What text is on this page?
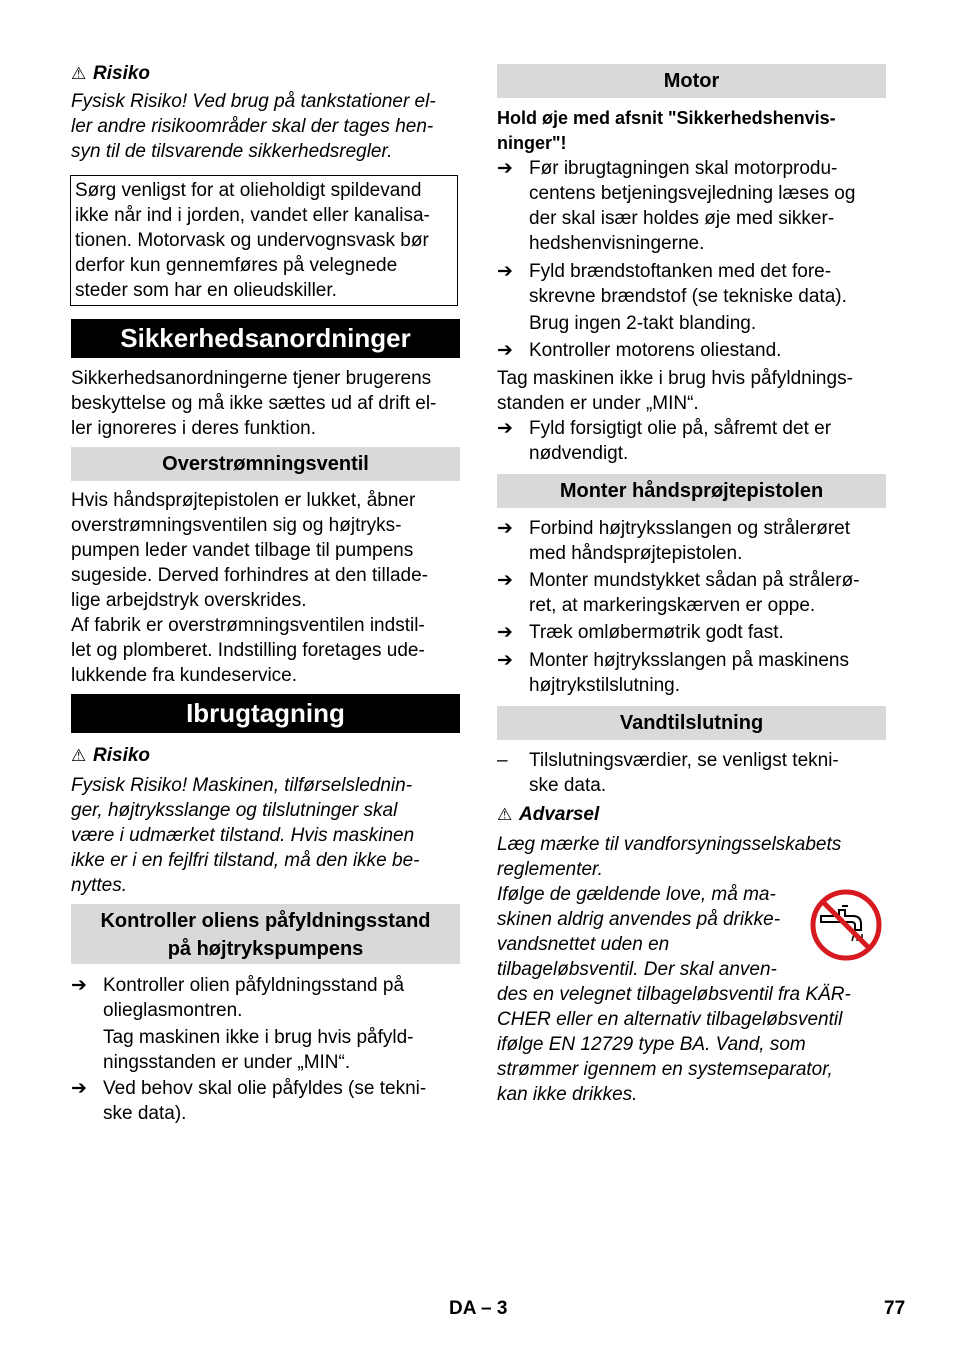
⚠ Risiko
Fysisk Risiko! Ved brug på tankstationer el-
ler andre risikoområder skal der tages hen-
syn til de tilsvarende sikkerhedsregler.
Sørg venligst for at olieholdigt spildevand
ikke når ind i jorden, vandet eller kanalisa-
tionen. Motorvask og undervognsvask bør
derfor kun gennemføres på velegnede
steder som har en olieudskiller.
Sikkerhedsanordninger
Sikkerhedsanordningerne tjener brugerens
beskyttelse og må ikke sættes ud af drift el-
ler ignoreres i deres funktion.
Overstrømningsventil
Hvis håndsprøjtepistolen er lukket, åbner
overstrømningsventilen sig og højtryks-
pumpen leder vandet tilbage til pumpens
sugeside. Derved forhindres at den tillade-
lige arbejdstryk overskrides.
Af fabrik er overstrømningsventilen indstil-
let og plomberet. Indstilling foretages ude-
lukkende fra kundeservice.
Ibrugtagning
⚠ Risiko
Fysisk Risiko! Maskinen, tilførselslednin-
ger, højtryksslange og tilslutninger skal
være i udmærket tilstand. Hvis maskinen
ikke er i en fejlfri tilstand, må den ikke be-
nyttes.
Kontroller oliens påfyldningsstand
på højtrykspumpens
➔ Kontroller olien påfyldningsstand på
olieglasmontren.
Tag maskinen ikke i brug hvis påfyld-
ningsstanden er under „MIN“.
➔ Ved behov skal olie påfyldes (se tekni-
ske data).
Motor
Hold øje med afsnit "Sikkerhedshenvis-
ninger"!
➔ Før ibrugtagningen skal motorprodu-
centens betjeningsvejledning læses og
der skal især holdes øje med sikker-
hedshenvisningerne.
➔ Fyld brændstoftanken med det fore-
skrevne brændstof (se tekniske data).
Brug ingen 2-takt blanding.
➔ Kontroller motorens oliestand.
Tag maskinen ikke i brug hvis påfyldnings-
standen er under „MIN“.
➔ Fyld forsigtigt olie på, såfremt det er
nødvendigt.
Monter håndsprøjtepistolen
➔ Forbind højtryksslangen og strålerøret
med håndsprøjtepistolen.
➔ Monter mundstykket sådan på strålerø-
ret, at markeringskærven er oppe.
➔ Træk omløbermøtrik godt fast.
➔ Monter højtryksslangen på maskinens
højtrykstilslutning.
Vandtilslutning
– Tilslutningsværdier, se venligst tekni-
ske data.
⚠ Advarsel
Læg mærke til vandforsyningsselskabets
reglementer.
Ifølge de gældende love, må ma-
skinen aldrig anvendes på drikke-
vandsnettet uden en
tilbageløbsventil. Der skal anven-
des en velegnet tilbageløbsventil fra KÄR-
CHER eller en alternativ tilbageløbsventil
ifølge EN 12729 type BA. Vand, som
strømmer igennem en systemseparator,
kan ikke drikkes.
DA – 3	77
